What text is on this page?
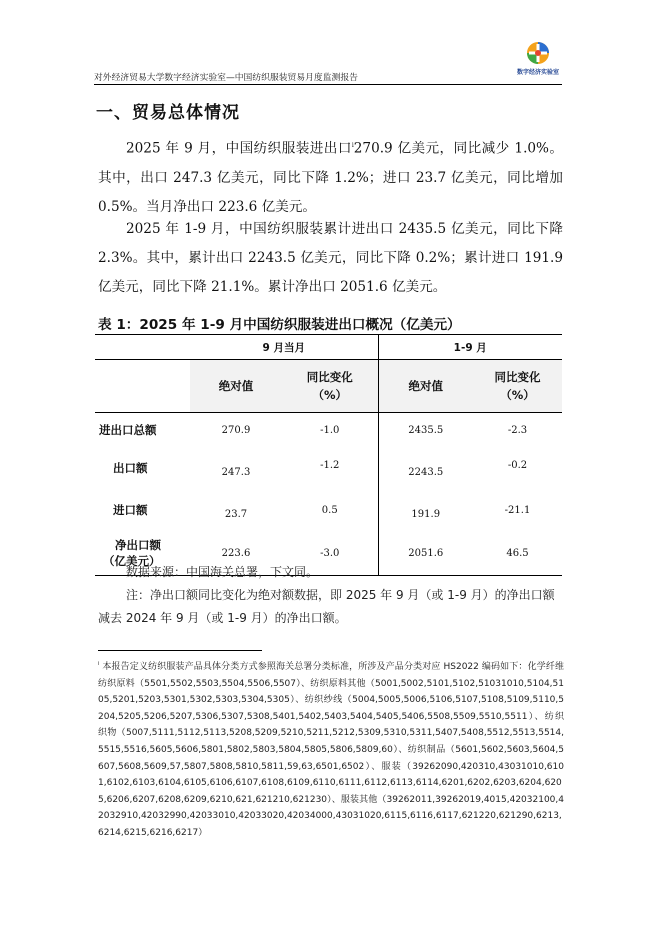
对外经济贸易大学数字经济实验室—中国纺织服装贸易月度监测报告
数字经济实验室
一、贸易总体情况

2025 年 9 月，中国纺织服装进出口$^i$270.9 亿美元，同比减少 1.0%。其中，出口 247.3 亿美元，同比下降 1.2%；进口 23.7 亿美元，同比增加 0.5%。当月净出口 223.6 亿美元。

2025 年 1-9 月，中国纺织服装累计进出口 2435.5 亿美元，同比下降 2.3%。其中，累计出口 2243.5 亿美元，同比下降 0.2%；累计进口 191.9 亿美元，同比下降 21.1%。累计净出口 2051.6 亿美元。

表 1：2025 年 1-9 月中国纺织服装进出口概况（亿美元）
	9 月当月		1-9 月	
	绝对值	同比变化
（%）	绝对值	同比变化
（%）

进出口总额	270.9	-1.0	2435.5	-2.3

出口额	247.3	-1.2	2243.5	-0.2

进口额	23.7	0.5	191.9	-21.1

净出口额
（亿美元）	223.6	-3.0	2051.6	46.5

数据来源：中国海关总署，下文同。

注：净出口额同比变化为绝对额数据，即 2025 年 9 月（或 1-9 月）的净出口额减去 2024 年 9 月（或 1-9 月）的净出口额。

$^i$ 本报告定义纺织服装产品具体分类方式参照海关总署分类标准，所涉及产品分类对应 HS2022 编码如下：化学纤维纺织原料（5501,5502,5503,5504,5506,5507）、纺织原料其他（5001,5002,5101,5102,51031010,5104,5105,5201,5203,5301,5302,5303,5304,5305）、纺织纱线（5004,5005,5006,5106,5107,5108,5109,5110,5204,5205,5206,5207,5306,5307,5308,5401,5402,5403,5404,5405,5406,5508,5509,5510,5511）、纺织织物（5007,5111,5112,5113,5208,5209,5210,5211,5212,5309,5310,5311,5407,5408,5512,5513,5514,5515,5516,5605,5606,5801,5802,5803,5804,5805,5806,5809,60）、纺织制品（5601,5602,5603,5604,5607,5608,5609,57,5807,5808,5810,5811,59,63,6501,6502）、服装（39262090,420310,43031010,6101,6102,6103,6104,6105,6106,6107,6108,6109,6110,6111,6112,6113,6114,6201,6202,6203,6204,6205,6206,6207,6208,6209,6210,621,621210,621230）、服装其他（39262011,39262019,4015,42032100,42032910,42032990,42033010,42033020,42034000,43031020,6115,6116,6117,621220,621290,6213,6214,6215,6216,6217）
